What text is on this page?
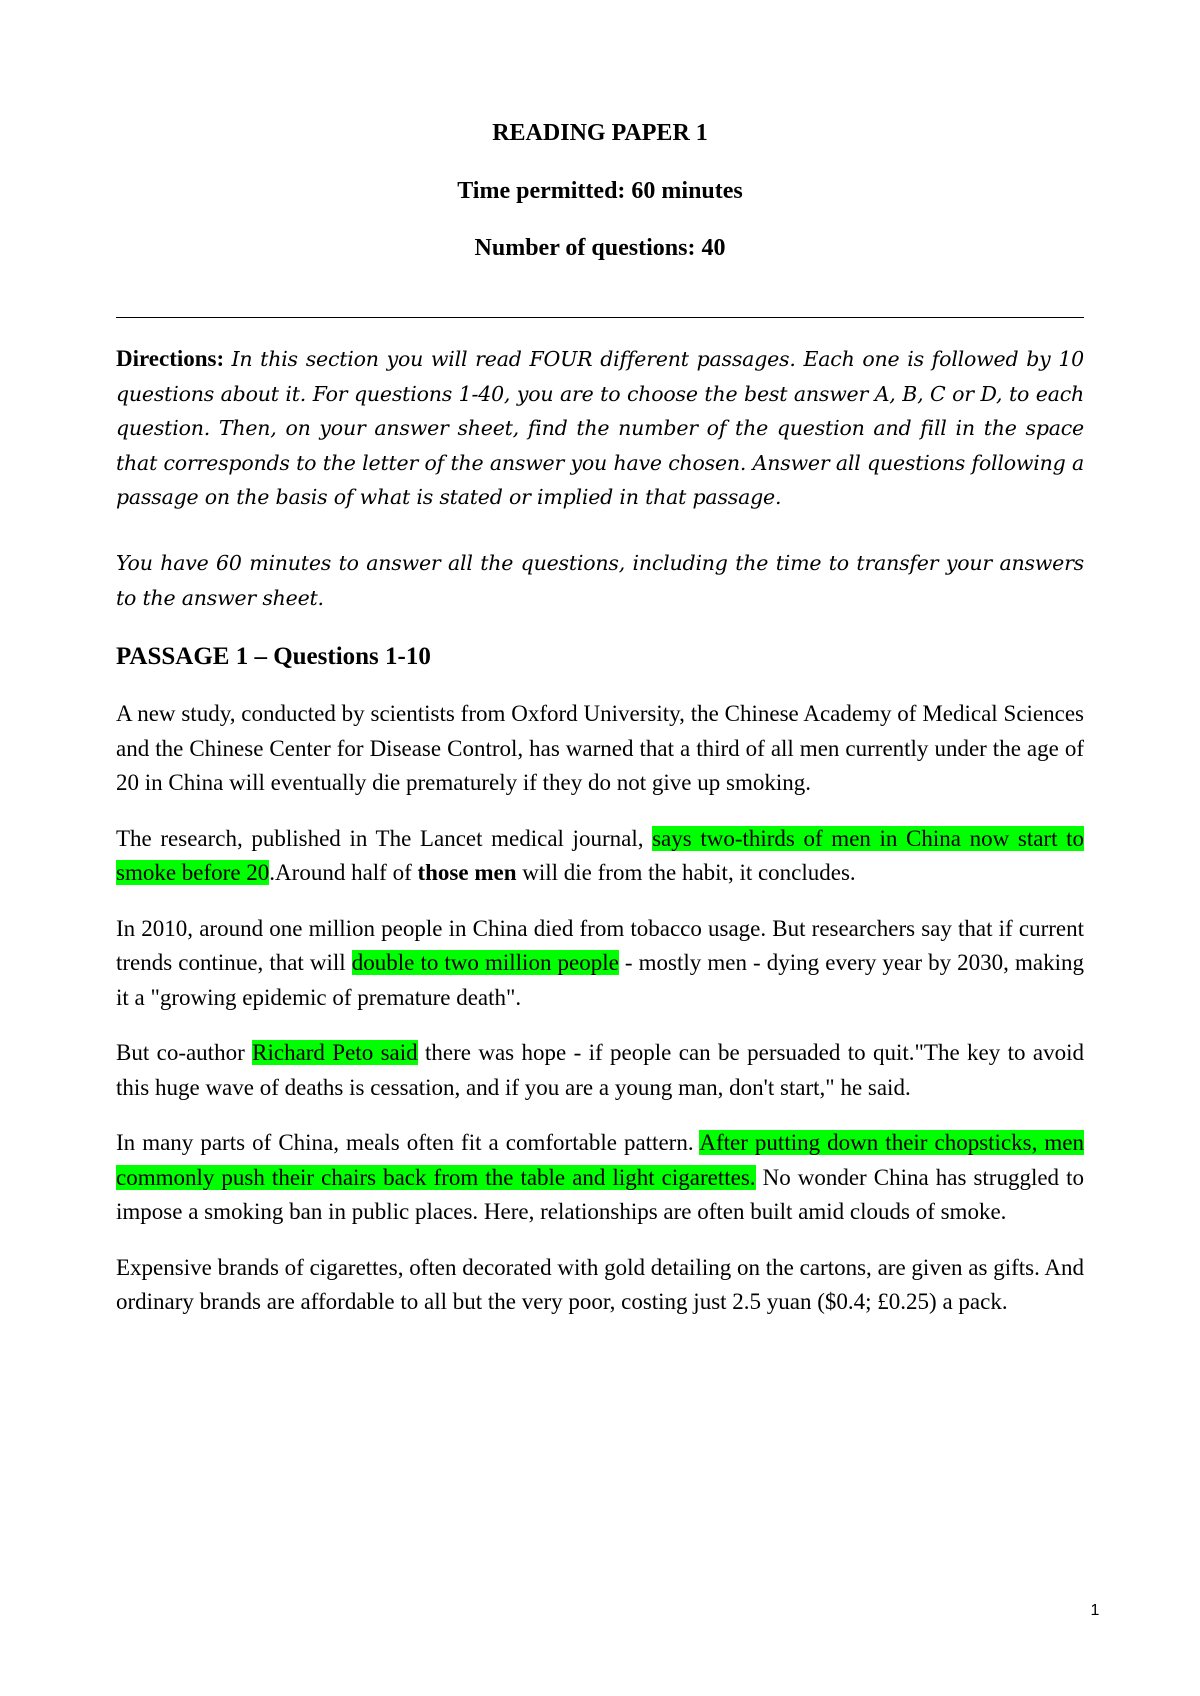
READING PAPER 1
Time permitted: 60 minutes
Number of questions: 40
Directions: In this section you will read FOUR different passages. Each one is followed by 10 questions about it. For questions 1-40, you are to choose the best answer A, B, C or D, to each question. Then, on your answer sheet, find the number of the question and fill in the space that corresponds to the letter of the answer you have chosen. Answer all questions following a passage on the basis of what is stated or implied in that passage.
You have 60 minutes to answer all the questions, including the time to transfer your answers to the answer sheet.
PASSAGE 1 – Questions 1-10

A new study, conducted by scientists from Oxford University, the Chinese Academy of Medical Sciences and the Chinese Center for Disease Control, has warned that a third of all men currently under the age of 20 in China will eventually die prematurely if they do not give up smoking.

The research, published in The Lancet medical journal, says two-thirds of men in China now start to smoke before 20.Around half of those men will die from the habit, it concludes.

In 2010, around one million people in China died from tobacco usage. But researchers say that if current trends continue, that will double to two million people - mostly men - dying every year by 2030, making it a "growing epidemic of premature death".

But co-author Richard Peto said there was hope - if people can be persuaded to quit."The key to avoid this huge wave of deaths is cessation, and if you are a young man, don't start," he said.

In many parts of China, meals often fit a comfortable pattern. After putting down their chopsticks, men commonly push their chairs back from the table and light cigarettes. No wonder China has struggled to impose a smoking ban in public places. Here, relationships are often built amid clouds of smoke.

Expensive brands of cigarettes, often decorated with gold detailing on the cartons, are given as gifts. And ordinary brands are affordable to all but the very poor, costing just 2.5 yuan ($0.4; £0.25) a pack.

1
